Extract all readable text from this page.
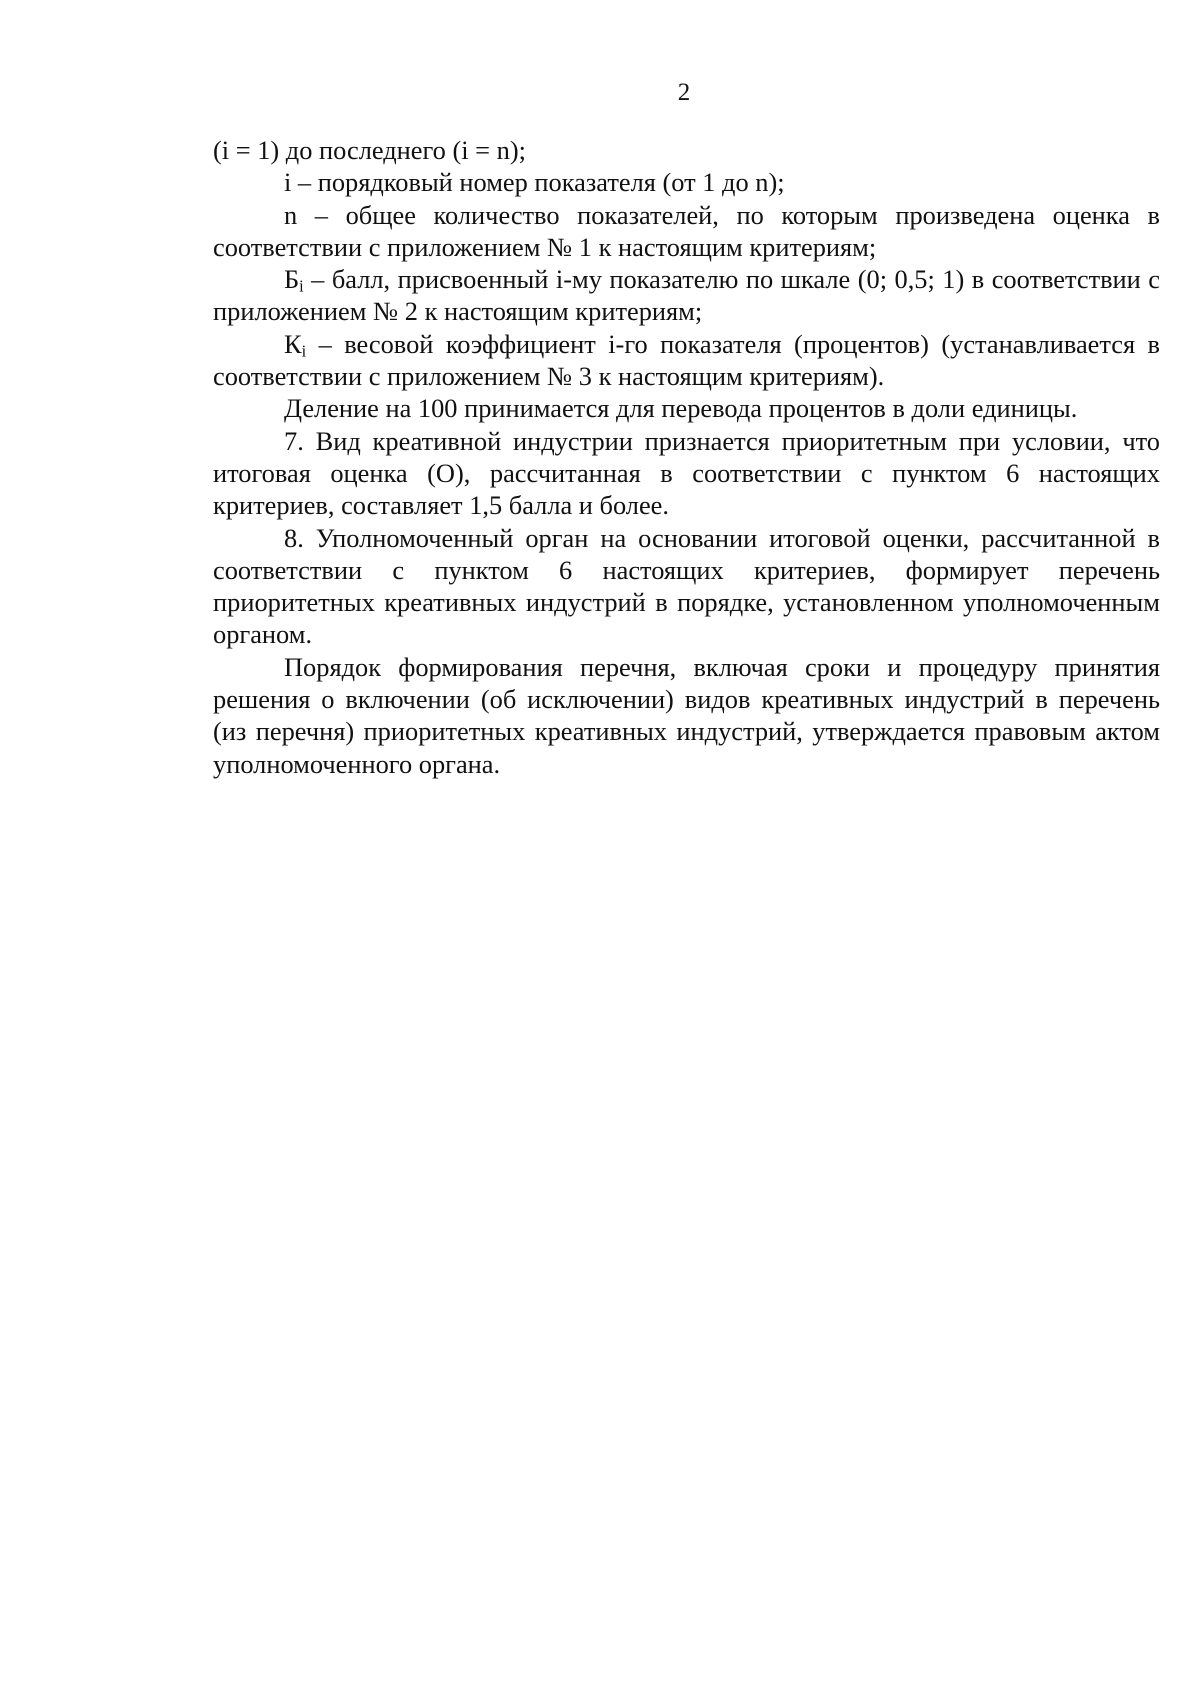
2

(i = 1) до последнего (i = n);

i – порядковый номер показателя (от 1 до n);

n – общее количество показателей, по которым произведена оценка в соответствии с приложением № 1 к настоящим критериям;

$Б_i$ – балл, присвоенный i-му показателю по шкале (0; 0,5; 1) в соответствии с приложением № 2 к настоящим критериям;

$К_i$ – весовой коэффициент i-го показателя (процентов) (устанавливается в соответствии с приложением № 3 к настоящим критериям).

Деление на 100 принимается для перевода процентов в доли единицы.

7. Вид креативной индустрии признается приоритетным при условии, что итоговая оценка (О), рассчитанная в соответствии с пунктом 6 настоящих критериев, составляет 1,5 балла и более.

8. Уполномоченный орган на основании итоговой оценки, рассчитанной в соответствии с пунктом 6 настоящих критериев, формирует перечень приоритетных креативных индустрий в порядке, установленном уполномоченным органом.

Порядок формирования перечня, включая сроки и процедуру принятия решения о включении (об исключении) видов креативных индустрий в перечень (из перечня) приоритетных креативных индустрий, утверждается правовым актом уполномоченного органа.
